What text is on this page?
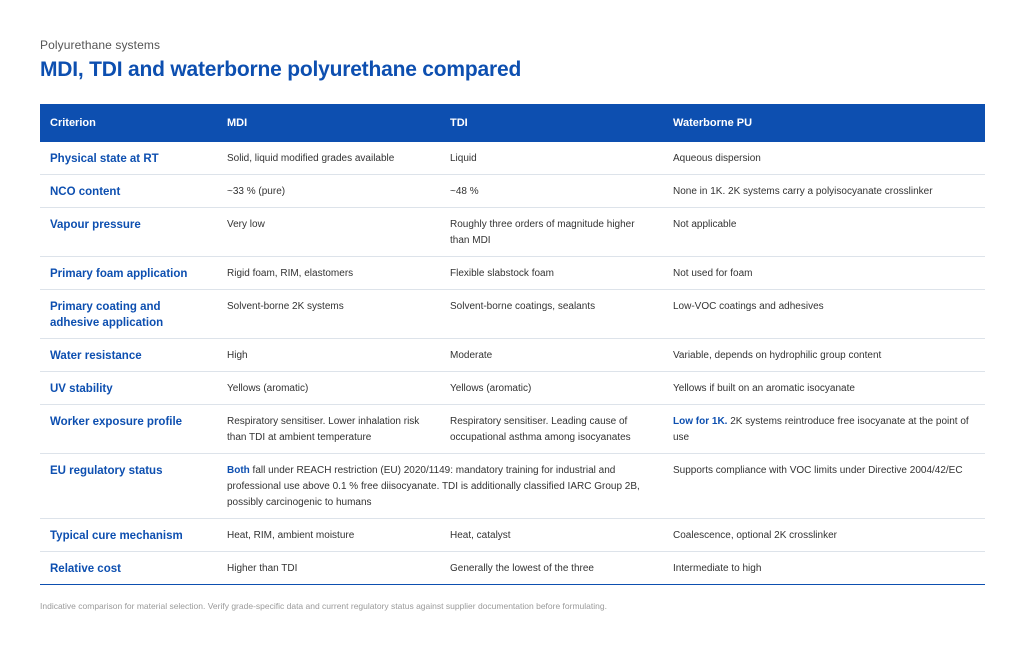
Polyurethane systems
MDI, TDI and waterborne polyurethane compared
Criterion	MDI	TDI	Waterborne PU
Physical state at RT	Solid, liquid modified grades available	Liquid	Aqueous dispersion
NCO content	~33 % (pure)	~48 %	None in 1K. 2K systems carry a polyisocyanate crosslinker
Vapour pressure	Very low	Roughly three orders of magnitude higher than MDI	Not applicable
Primary foam application	Rigid foam, RIM, elastomers	Flexible slabstock foam	Not used for foam
Primary coating and adhesive application	Solvent-borne 2K systems	Solvent-borne coatings, sealants	Low-VOC coatings and adhesives
Water resistance	High	Moderate	Variable, depends on hydrophilic group content
UV stability	Yellows (aromatic)	Yellows (aromatic)	Yellows if built on an aromatic isocyanate
Worker exposure profile	Respiratory sensitiser. Lower inhalation risk than TDI at ambient temperature	Respiratory sensitiser. Leading cause of occupational asthma among isocyanates	Low for 1K. 2K systems reintroduce free isocyanate at the point of use
EU regulatory status	Both fall under REACH restriction (EU) 2020/1149: mandatory training for industrial and professional use above 0.1 % free diisocyanate. TDI is additionally classified IARC Group 2B, possibly carcinogenic to humans		Supports compliance with VOC limits under Directive 2004/42/EC
Typical cure mechanism	Heat, RIM, ambient moisture	Heat, catalyst	Coalescence, optional 2K crosslinker
Relative cost	Higher than TDI	Generally the lowest of the three	Intermediate to high
Indicative comparison for material selection. Verify grade-specific data and current regulatory status against supplier documentation before formulating.
